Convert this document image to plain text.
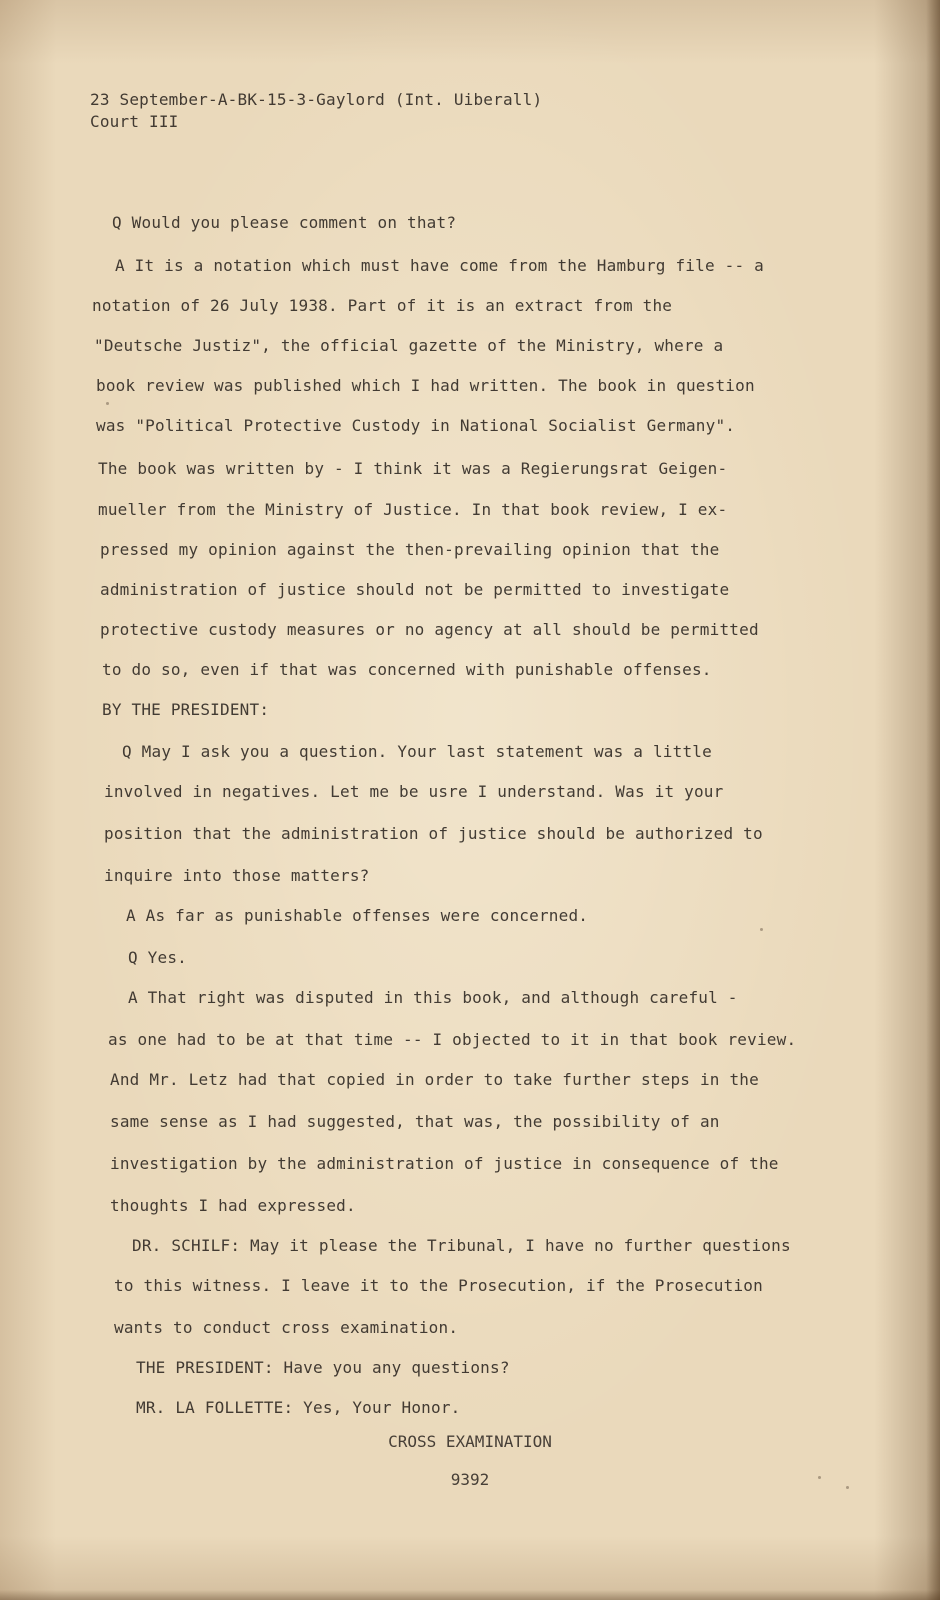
23 September-A-BK-15-3-Gaylord (Int. Uiberall)
Court III
Q Would you please comment on that?
A It is a notation which must have come from the Hamburg file -- a
notation of 26 July 1938. Part of it is an extract from the
"Deutsche Justiz", the official gazette of the Ministry, where a
book review was published which I had written. The book in question
was "Political Protective Custody in National Socialist Germany".
The book was written by - I think it was a Regierungsrat Geigen-
mueller from the Ministry of Justice. In that book review, I ex-
pressed my opinion against the then-prevailing opinion that the
administration of justice should not be permitted to investigate
protective custody measures or no agency at all should be permitted
to do so, even if that was concerned with punishable offenses.
BY THE PRESIDENT:
Q May I ask you a question. Your last statement was a little
involved in negatives. Let me be usre I understand. Was it your
position that the administration of justice should be authorized to
inquire into those matters?
A As far as punishable offenses were concerned.
Q Yes.
A That right was disputed in this book, and although careful -
as one had to be at that time -- I objected to it in that book review.
And Mr. Letz had that copied in order to take further steps in the
same sense as I had suggested, that was, the possibility of an
investigation by the administration of justice in consequence of the
thoughts I had expressed.
DR. SCHILF: May it please the Tribunal, I have no further questions
to this witness. I leave it to the Prosecution, if the Prosecution
wants to conduct cross examination.
THE PRESIDENT: Have you any questions?
MR. LA FOLLETTE: Yes, Your Honor.
CROSS EXAMINATION
9392
